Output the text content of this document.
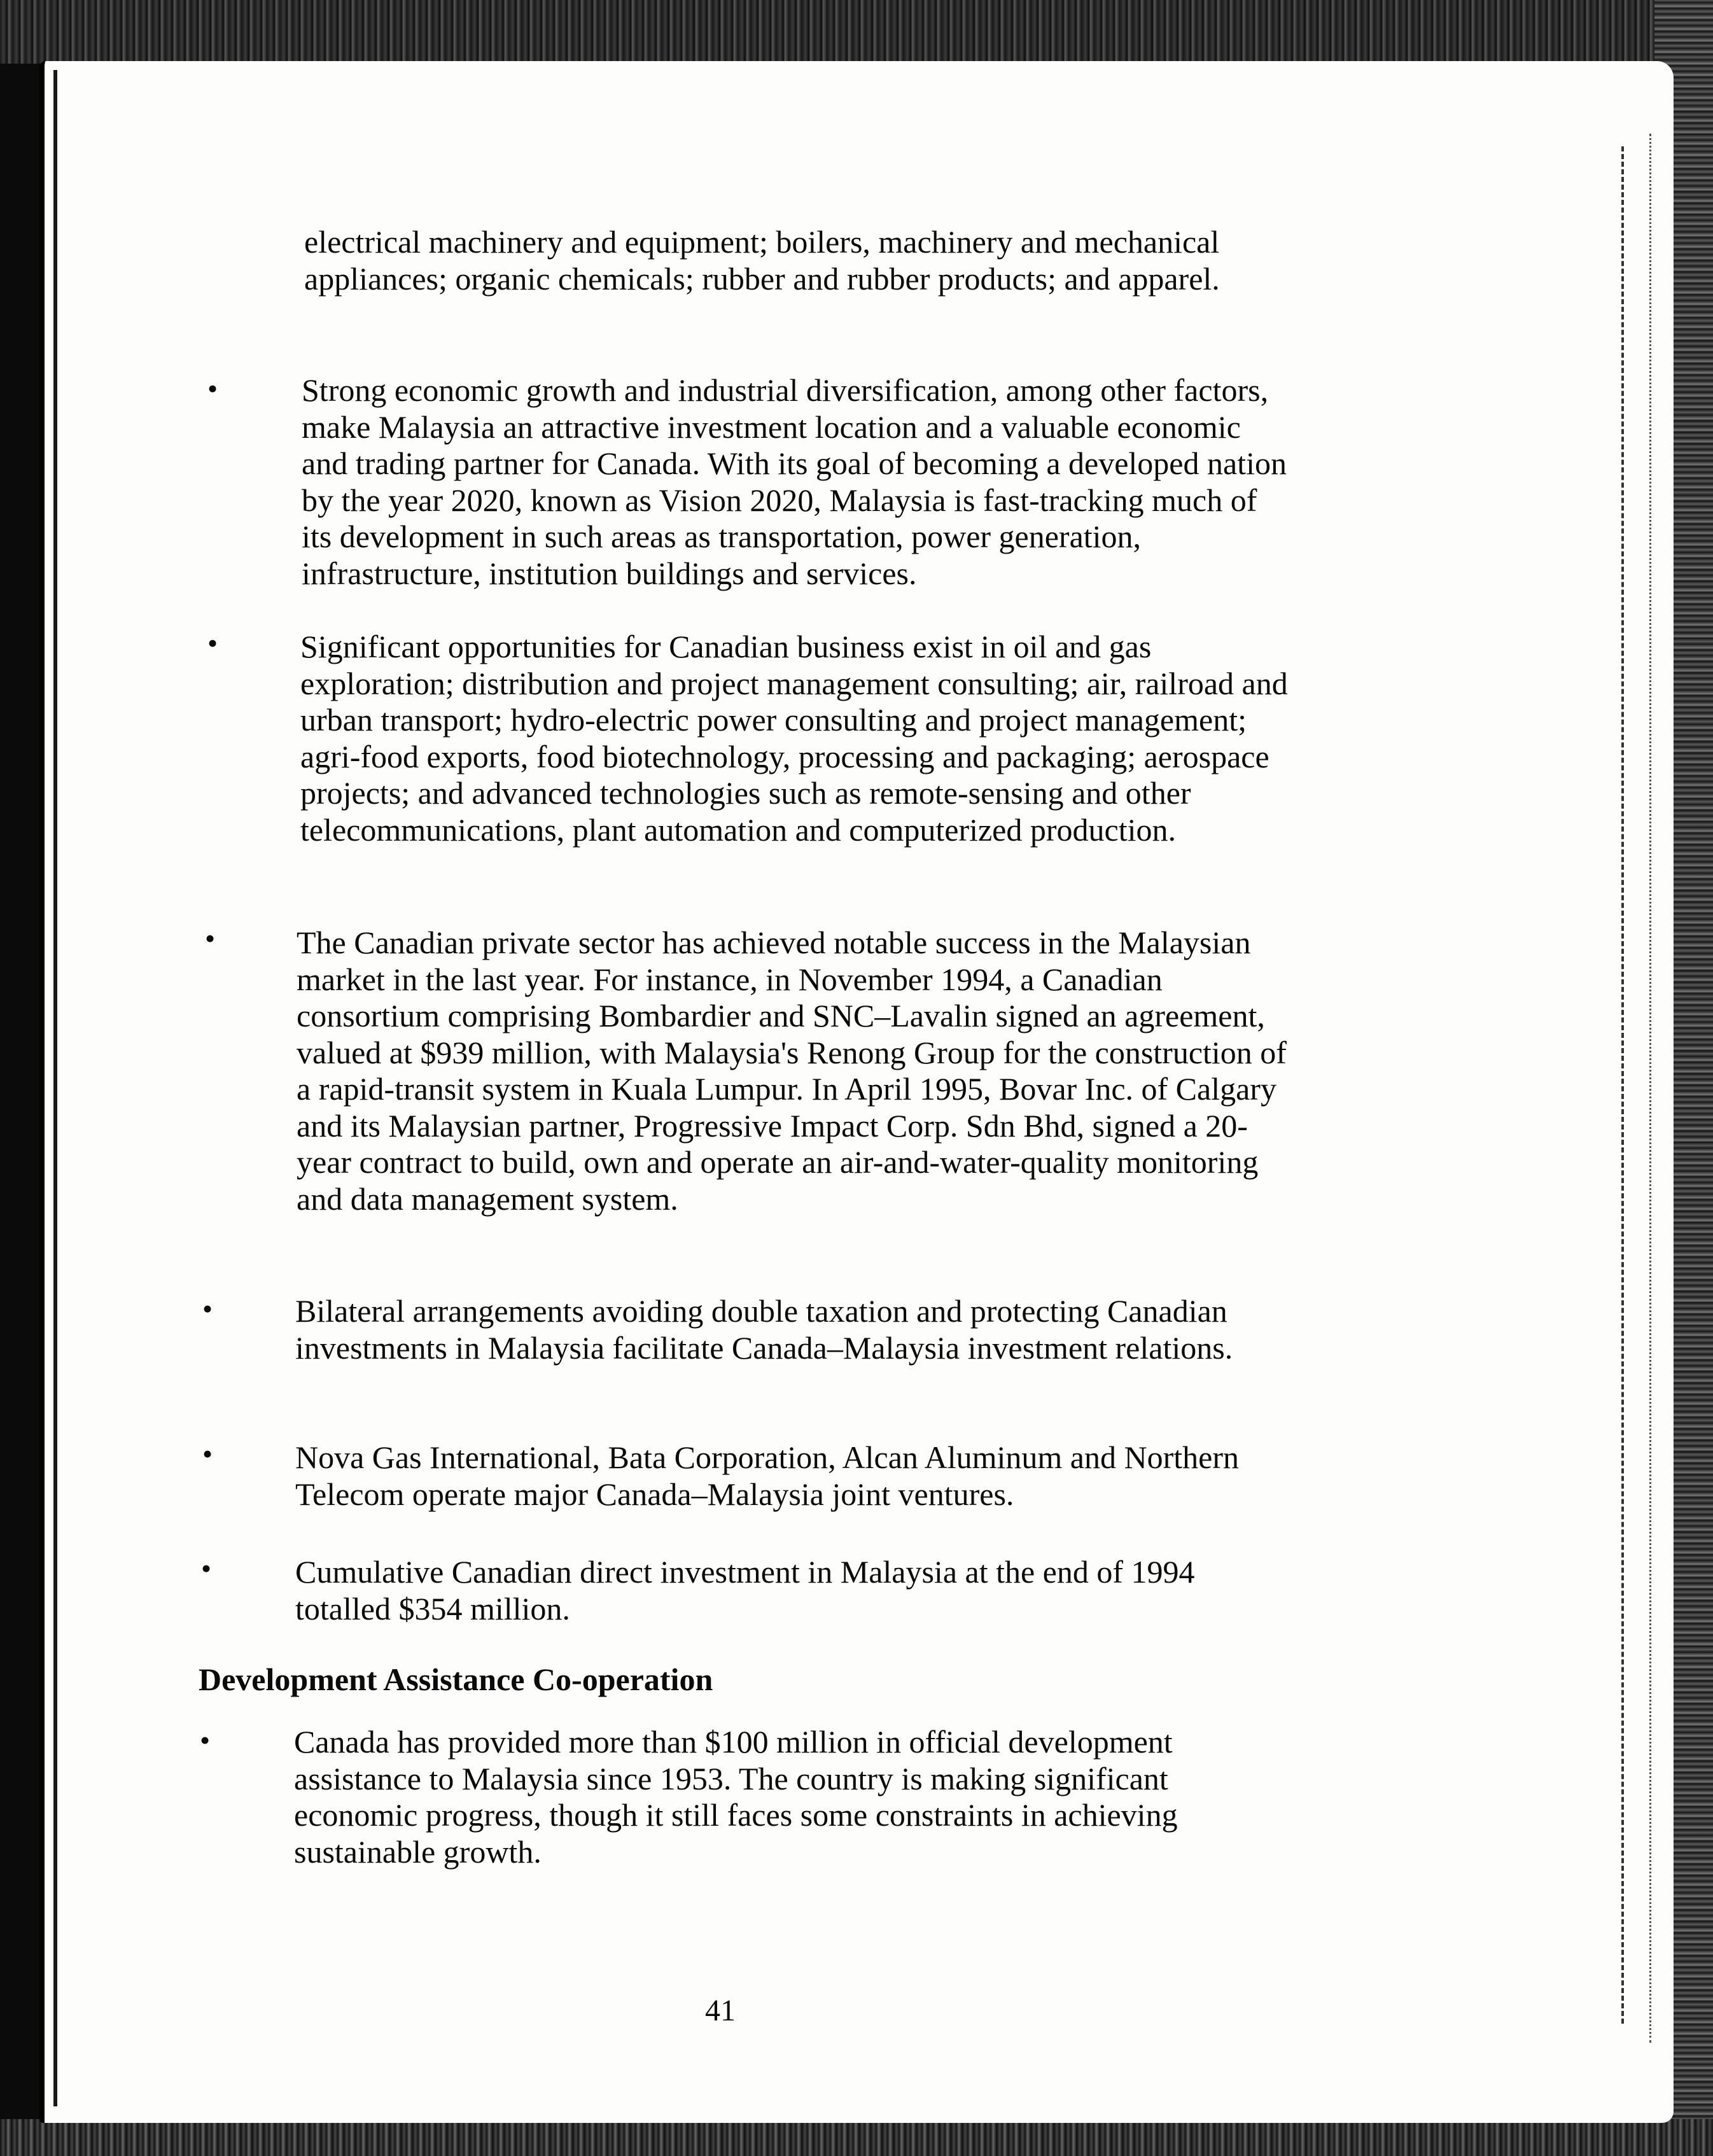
electrical machinery and equipment; boilers, machinery and mechanical appliances; organic chemicals; rubber and rubber products; and apparel.

•	Strong economic growth and industrial diversification, among other factors, make Malaysia an attractive investment location and a valuable economic and trading partner for Canada. With its goal of becoming a developed nation by the year 2020, known as Vision 2020, Malaysia is fast-tracking much of its development in such areas as transportation, power generation, infrastructure, institution buildings and services.

•	Significant opportunities for Canadian business exist in oil and gas exploration; distribution and project management consulting; air, railroad and urban transport; hydro-electric power consulting and project management; agri-food exports, food biotechnology, processing and packaging; aerospace projects; and advanced technologies such as remote-sensing and other telecommunications, plant automation and computerized production.

•	The Canadian private sector has achieved notable success in the Malaysian market in the last year. For instance, in November 1994, a Canadian consortium comprising Bombardier and SNC–Lavalin signed an agreement, valued at $939 million, with Malaysia's Renong Group for the construction of a rapid-transit system in Kuala Lumpur. In April 1995, Bovar Inc. of Calgary and its Malaysian partner, Progressive Impact Corp. Sdn Bhd, signed a 20-year contract to build, own and operate an air-and-water-quality monitoring and data management system.

•	Bilateral arrangements avoiding double taxation and protecting Canadian investments in Malaysia facilitate Canada–Malaysia investment relations.

•	Nova Gas International, Bata Corporation, Alcan Aluminum and Northern Telecom operate major Canada–Malaysia joint ventures.

•	Cumulative Canadian direct investment in Malaysia at the end of 1994 totalled $354 million.

Development Assistance Co-operation
•	Canada has provided more than $100 million in official development assistance to Malaysia since 1953. The country is making significant economic progress, though it still faces some constraints in achieving sustainable growth.

41
